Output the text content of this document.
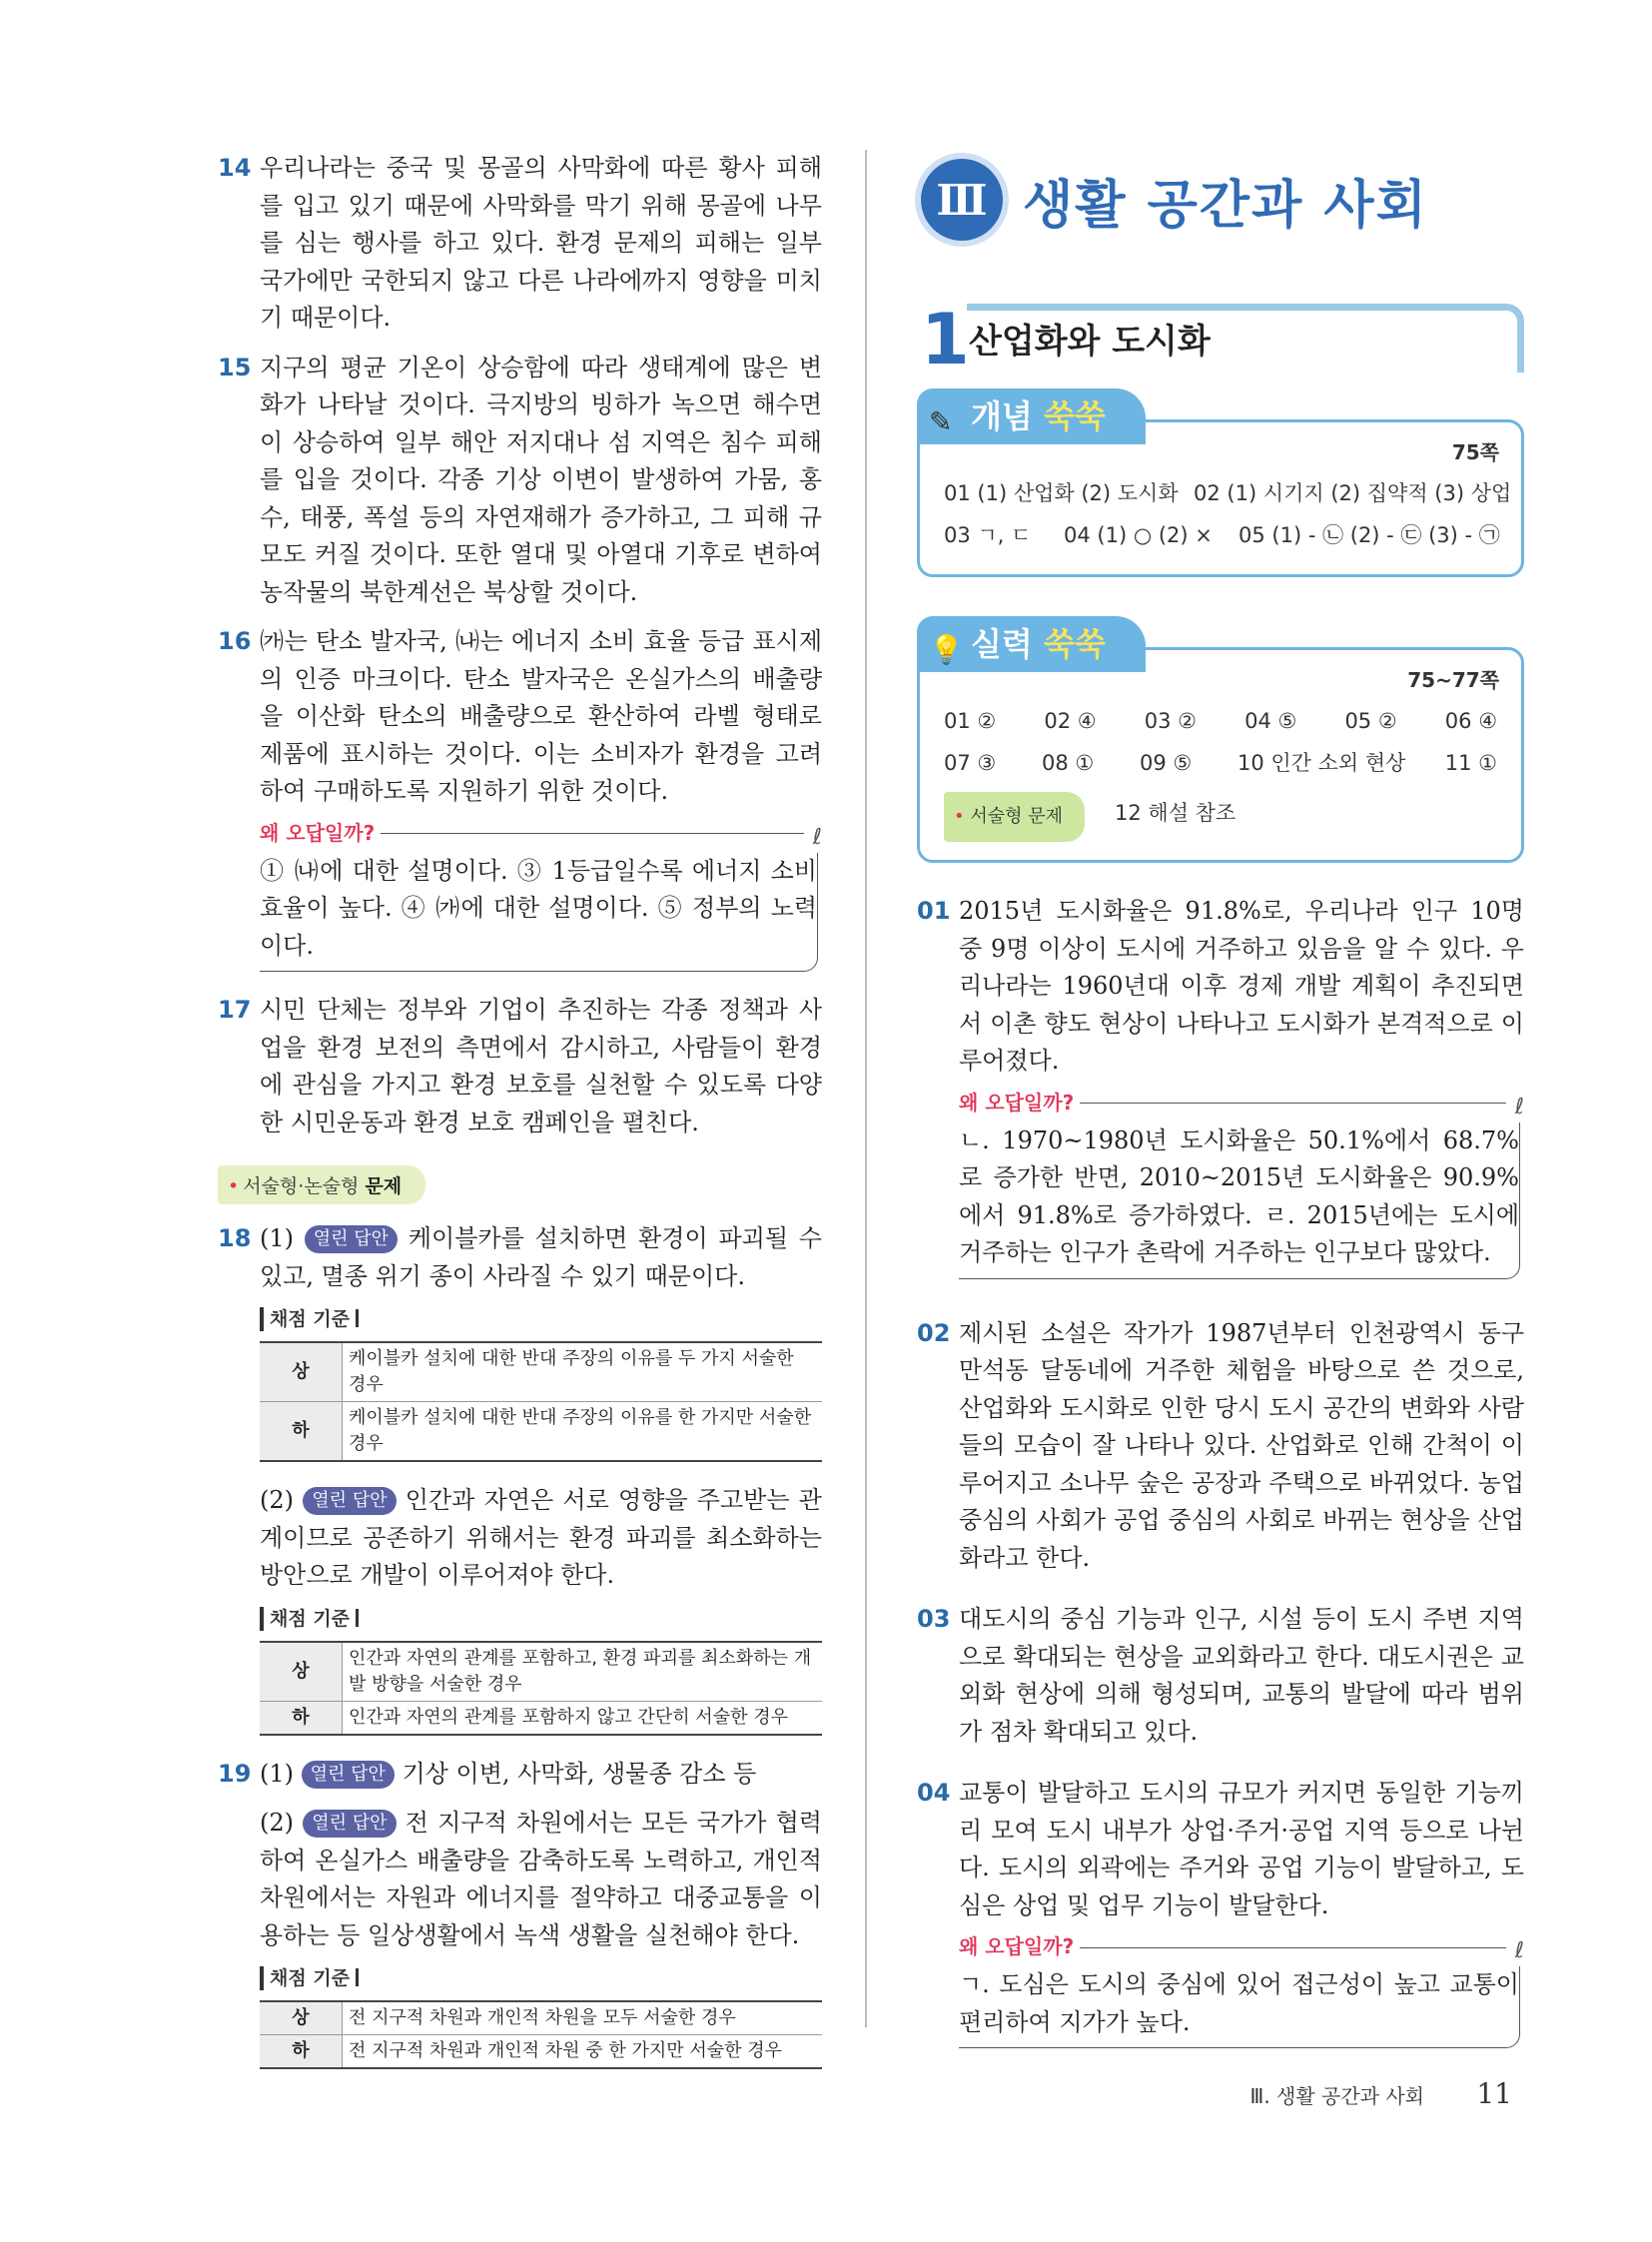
14 우리나라는 중국 및 몽골의 사막화에 따른 황사 피해를 입고 있기 때문에 사막화를 막기 위해 몽골에 나무를 심는 행사를 하고 있다. 환경 문제의 피해는 일부 국가에만 국한되지 않고 다른 나라에까지 영향을 미치기 때문이다.
15 지구의 평균 기온이 상승함에 따라 생태계에 많은 변화가 나타날 것이다. 극지방의 빙하가 녹으면 해수면이 상승하여 일부 해안 저지대나 섬 지역은 침수 피해를 입을 것이다. 각종 기상 이변이 발생하여 가뭄, 홍수, 태풍, 폭설 등의 자연재해가 증가하고, 그 피해 규모도 커질 것이다. 또한 열대 및 아열대 기후로 변하여 농작물의 북한계선은 북상할 것이다.
16 ㈎는 탄소 발자국, ㈏는 에너지 소비 효율 등급 표시제의 인증 마크이다. 탄소 발자국은 온실가스의 배출량을 이산화 탄소의 배출량으로 환산하여 라벨 형태로 제품에 표시하는 것이다. 이는 소비자가 환경을 고려하여 구매하도록 지원하기 위한 것이다.
왜 오답일까?	ℓ
① ㈏에 대한 설명이다. ③ 1등급일수록 에너지 소비 효율이 높다. ④ ㈎에 대한 설명이다. ⑤ 정부의 노력이다.
17 시민 단체는 정부와 기업이 추진하는 각종 정책과 사업을 환경 보전의 측면에서 감시하고, 사람들이 환경에 관심을 가지고 환경 보호를 실천할 수 있도록 다양한 시민운동과 환경 보호 캠페인을 펼친다.
• 서술형·논술형 문제
18 (1) 열린 답안 케이블카를 설치하면 환경이 파괴될 수 있고, 멸종 위기 종이 사라질 수 있기 때문이다.
채점 기준
상	케이블카 설치에 대한 반대 주장의 이유를 두 가지 서술한 경우
하	케이블카 설치에 대한 반대 주장의 이유를 한 가지만 서술한 경우
(2) 열린 답안 인간과 자연은 서로 영향을 주고받는 관계이므로 공존하기 위해서는 환경 파괴를 최소화하는 방안으로 개발이 이루어져야 한다.
채점 기준
상	인간과 자연의 관계를 포함하고, 환경 파괴를 최소화하는 개발 방향을 서술한 경우
하	인간과 자연의 관계를 포함하지 않고 간단히 서술한 경우
19 (1) 열린 답안 기상 이변, 사막화, 생물종 감소 등
(2) 열린 답안 전 지구적 차원에서는 모든 국가가 협력하여 온실가스 배출량을 감축하도록 노력하고, 개인적 차원에서는 자원과 에너지를 절약하고 대중교통을 이용하는 등 일상생활에서 녹색 생활을 실천해야 한다.
채점 기준
상	전 지구적 차원과 개인적 차원을 모두 서술한 경우
하	전 지구적 차원과 개인적 차원 중 한 가지만 서술한 경우
Ⅲ 생활 공간과 사회
1 산업화와 도시화
✎ 개념 쑥쑥
75쪽
01 (1) 산업화 (2) 도시화 02 (1) 시기지 (2) 집약적 (3) 상업
03 ㄱ, ㄷ	04 (1) ○ (2) ×	05 (1) - ㉡ (2) - ㉢ (3) - ㉠
💡 실력 쑥쑥
75~77쪽
01 ②	02 ④	03 ②	04 ⑤	05 ②	06 ④
07 ③	08 ①	09 ⑤	10 인간 소외 현상	11 ①
• 서술형 문제	12 해설 참조
01 2015년 도시화율은 91.8%로, 우리나라 인구 10명 중 9명 이상이 도시에 거주하고 있음을 알 수 있다. 우리나라는 1960년대 이후 경제 개발 계획이 추진되면서 이촌 향도 현상이 나타나고 도시화가 본격적으로 이루어졌다.
왜 오답일까?	ℓ
ㄴ. 1970~1980년 도시화율은 50.1%에서 68.7%로 증가한 반면, 2010~2015년 도시화율은 90.9%에서 91.8%로 증가하였다. ㄹ. 2015년에는 도시에 거주하는 인구가 촌락에 거주하는 인구보다 많았다.
02 제시된 소설은 작가가 1987년부터 인천광역시 동구 만석동 달동네에 거주한 체험을 바탕으로 쓴 것으로, 산업화와 도시화로 인한 당시 도시 공간의 변화와 사람들의 모습이 잘 나타나 있다. 산업화로 인해 간척이 이루어지고 소나무 숲은 공장과 주택으로 바뀌었다. 농업 중심의 사회가 공업 중심의 사회로 바뀌는 현상을 산업화라고 한다.
03 대도시의 중심 기능과 인구, 시설 등이 도시 주변 지역으로 확대되는 현상을 교외화라고 한다. 대도시권은 교외화 현상에 의해 형성되며, 교통의 발달에 따라 범위가 점차 확대되고 있다.
04 교통이 발달하고 도시의 규모가 커지면 동일한 기능끼리 모여 도시 내부가 상업·주거·공업 지역 등으로 나뉜다. 도시의 외곽에는 주거와 공업 기능이 발달하고, 도심은 상업 및 업무 기능이 발달한다.
왜 오답일까?	ℓ
ㄱ. 도심은 도시의 중심에 있어 접근성이 높고 교통이 편리하여 지가가 높다.
Ⅲ. 생활 공간과 사회 11
